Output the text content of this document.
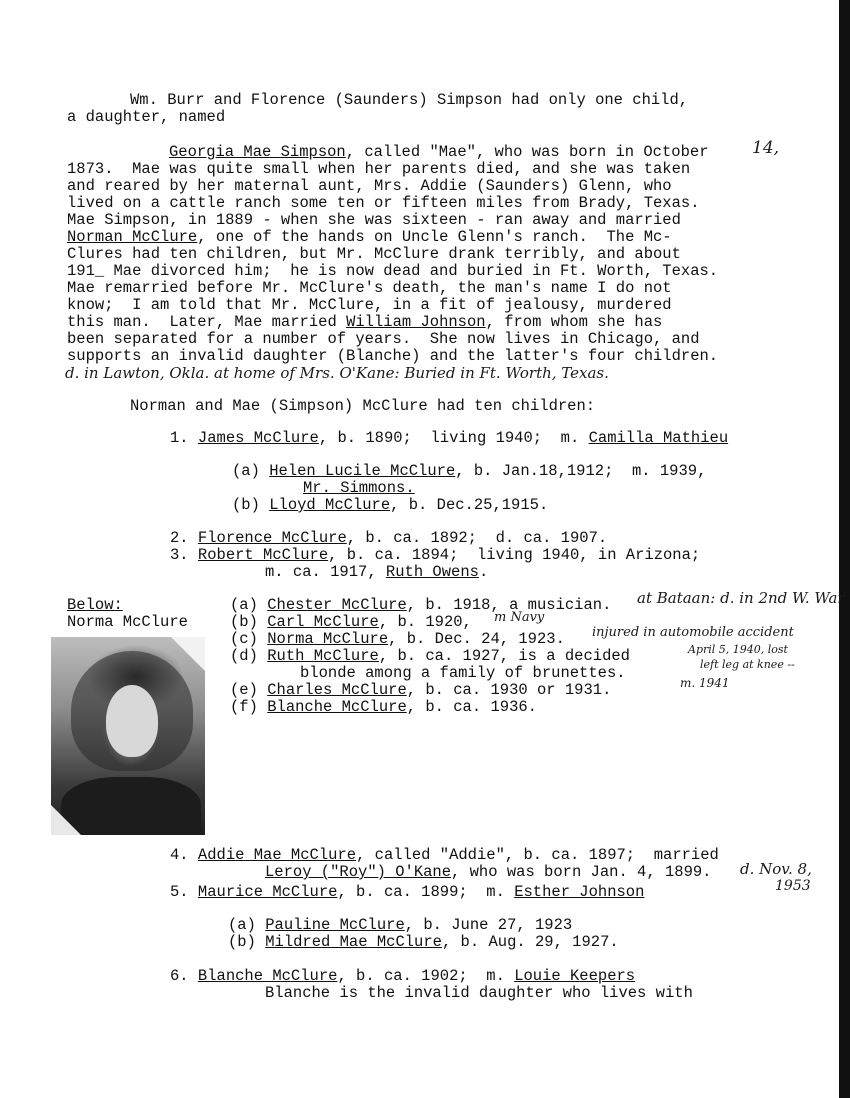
Wm. Burr and Florence (Saunders) Simpson had only one child,
a daughter, named
Georgia Mae Simpson, called "Mae", who was born in October	14,
1873.  Mae was quite small when her parents died, and she was taken
and reared by her maternal aunt, Mrs. Addie (Saunders) Glenn, who
lived on a cattle ranch some ten or fifteen miles from Brady, Texas.
Mae Simpson, in 1889 - when she was sixteen - ran away and married
Norman McClure, one of the hands on Uncle Glenn's ranch.  The Mc-
Clures had ten children, but Mr. McClure drank terribly, and about
191_ Mae divorced him;  he is now dead and buried in Ft. Worth, Texas.
Mae remarried before Mr. McClure's death, the man's name I do not
know;  I am told that Mr. McClure, in a fit of jealousy, murdered
this man.  Later, Mae married William Johnson, from whom she has
been separated for a number of years.  She now lives in Chicago, and
supports an invalid daughter (Blanche) and the latter's four children.
d. in Lawton, Okla. at home of Mrs. O'Kane: Buried in Ft. Worth, Texas.
Norman and Mae (Simpson) McClure had ten children:
1. James McClure, b. 1890;  living 1940;  m. Camilla Mathieu
(a) Helen Lucile McClure, b. Jan.18,1912;  m. 1939,
Mr. Simmons.
(b) Lloyd McClure, b. Dec.25,1915.
2. Florence McClure, b. ca. 1892;  d. ca. 1907.
3. Robert McClure, b. ca. 1894;  living 1940, in Arizona;
m. ca. 1917, Ruth Owens.
Below:
Norma McClure
(a) Chester McClure, b. 1918, a musician. at Bataan: d. in 2nd W. War
(b) Carl McClure, b. 1920, m Navy
(c) Norma McClure, b. Dec. 24, 1923. injured in automobile accident
(d) Ruth McClure, b. ca. 1927, is a decided	April 5, 1940, lost
left leg at knee --
blonde among a family of brunettes.
m. 1941
(e) Charles McClure, b. ca. 1930 or 1931.
(f) Blanche McClure, b. ca. 1936.
4. Addie Mae McClure, called "Addie", b. ca. 1897;  married
Leroy ("Roy") O'Kane, who was born Jan. 4, 1899. d. Nov. 8,
1953
5. Maurice McClure, b. ca. 1899;  m. Esther Johnson
(a) Pauline McClure, b. June 27, 1923
(b) Mildred Mae McClure, b. Aug. 29, 1927.
6. Blanche McClure, b. ca. 1902;  m. Louie Keepers
Blanche is the invalid daughter who lives with
